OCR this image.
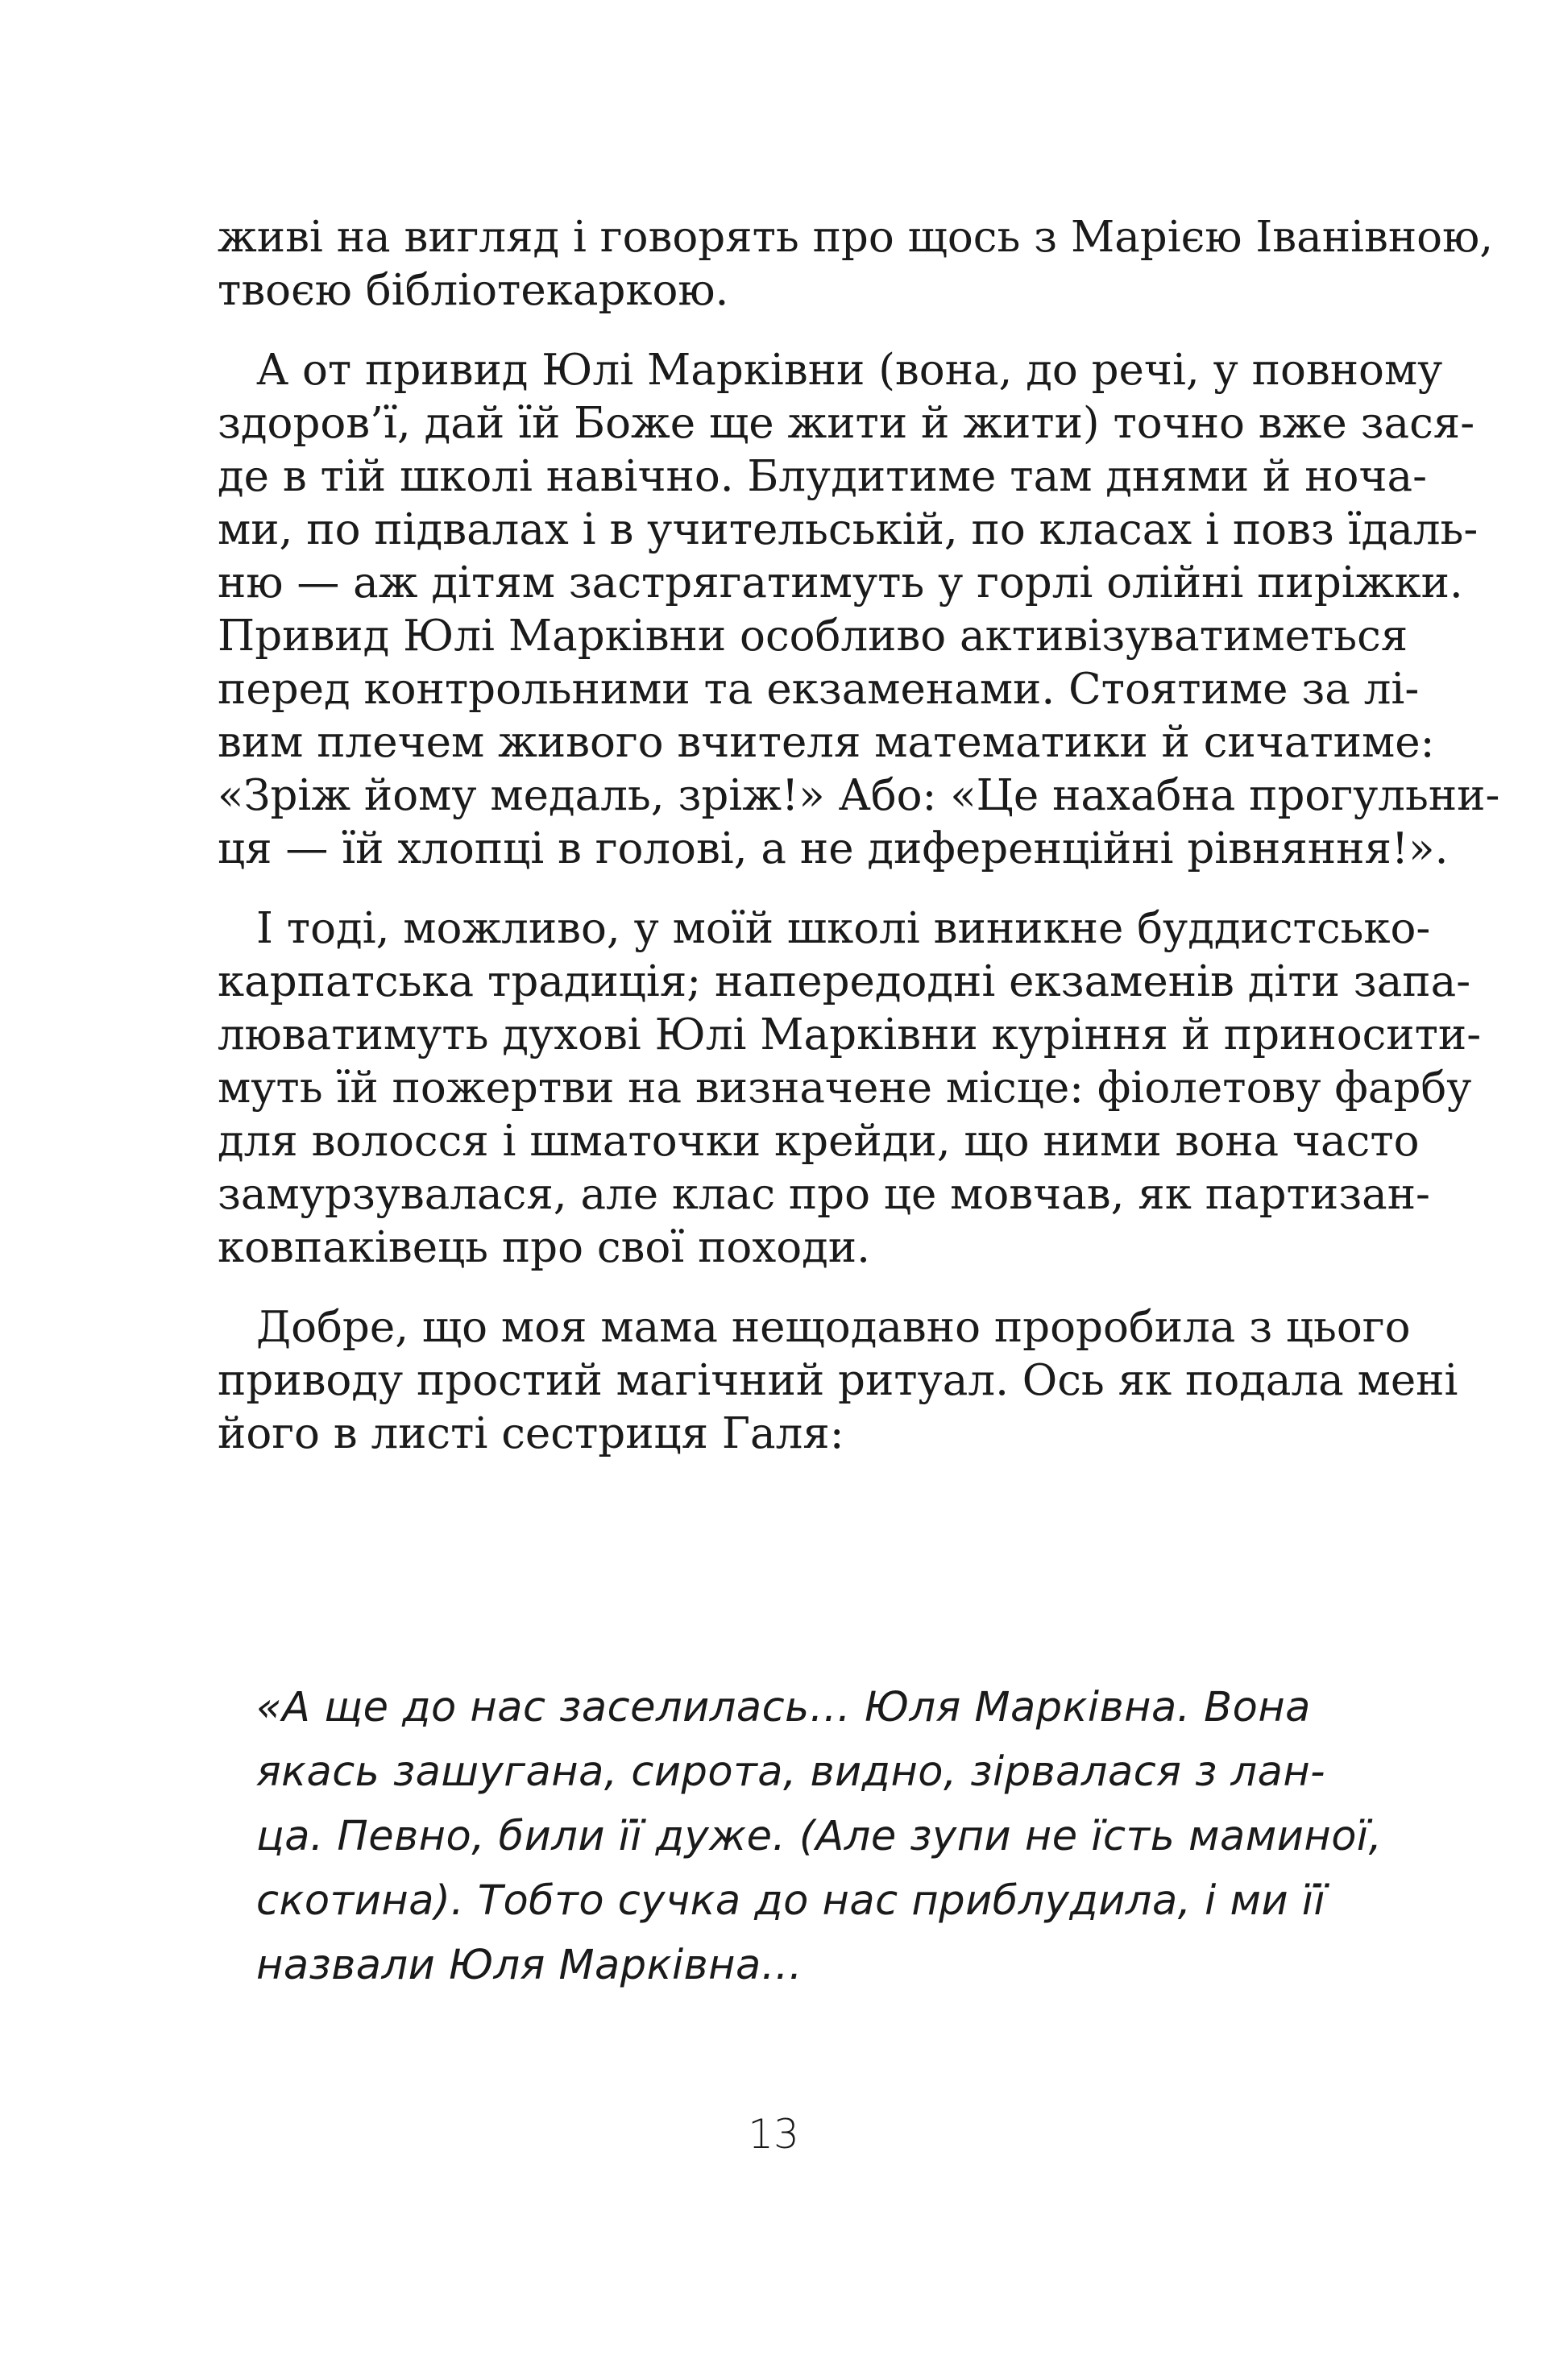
живі на вигляд і говорять про щось з Марією Іванівною,
твоєю бібліотекаркою.
А от привид Юлі Марківни (вона, до речі, у повному
здоров’ї, дай їй Боже ще жити й жити) точно вже зася-
де в тій школі навічно. Блудитиме там днями й ноча-
ми, по підвалах і в учительській, по класах і повз їдаль-
ню — аж дітям застрягатимуть у горлі олійні пиріжки.
Привид Юлі Марківни особливо активізуватиметься
перед контрольними та екзаменами. Стоятиме за лі-
вим плечем живого вчителя математики й сичатиме:
«Зріж йому медаль, зріж!» Або: «Це нахабна прогульни-
ця — їй хлопці в голові, а не диференційні рівняння!».
І тоді, можливо, у моїй школі виникне буддистсько-
карпатська традиція; напередодні екзаменів діти запа-
люватимуть духові Юлі Марківни куріння й приносити-
муть їй пожертви на визначене місце: фіолетову фарбу
для волосся і шматочки крейди, що ними вона часто
замурзувалася, але клас про це мовчав, як партизан-
ковпаківець про свої походи.
Добре, що моя мама нещодавно проробила з цього
приводу простий магічний ритуал. Ось як подала мені
його в листі сестриця Галя:
«А ще до нас заселилась… Юля Марківна. Вона
якась зашугана, сирота, видно, зірвалася з лан-
ца. Певно, били її дуже. (Але зупи не їсть маминої,
скотина). Тобто сучка до нас приблудила, і ми її
назвали Юля Марківна…
13
